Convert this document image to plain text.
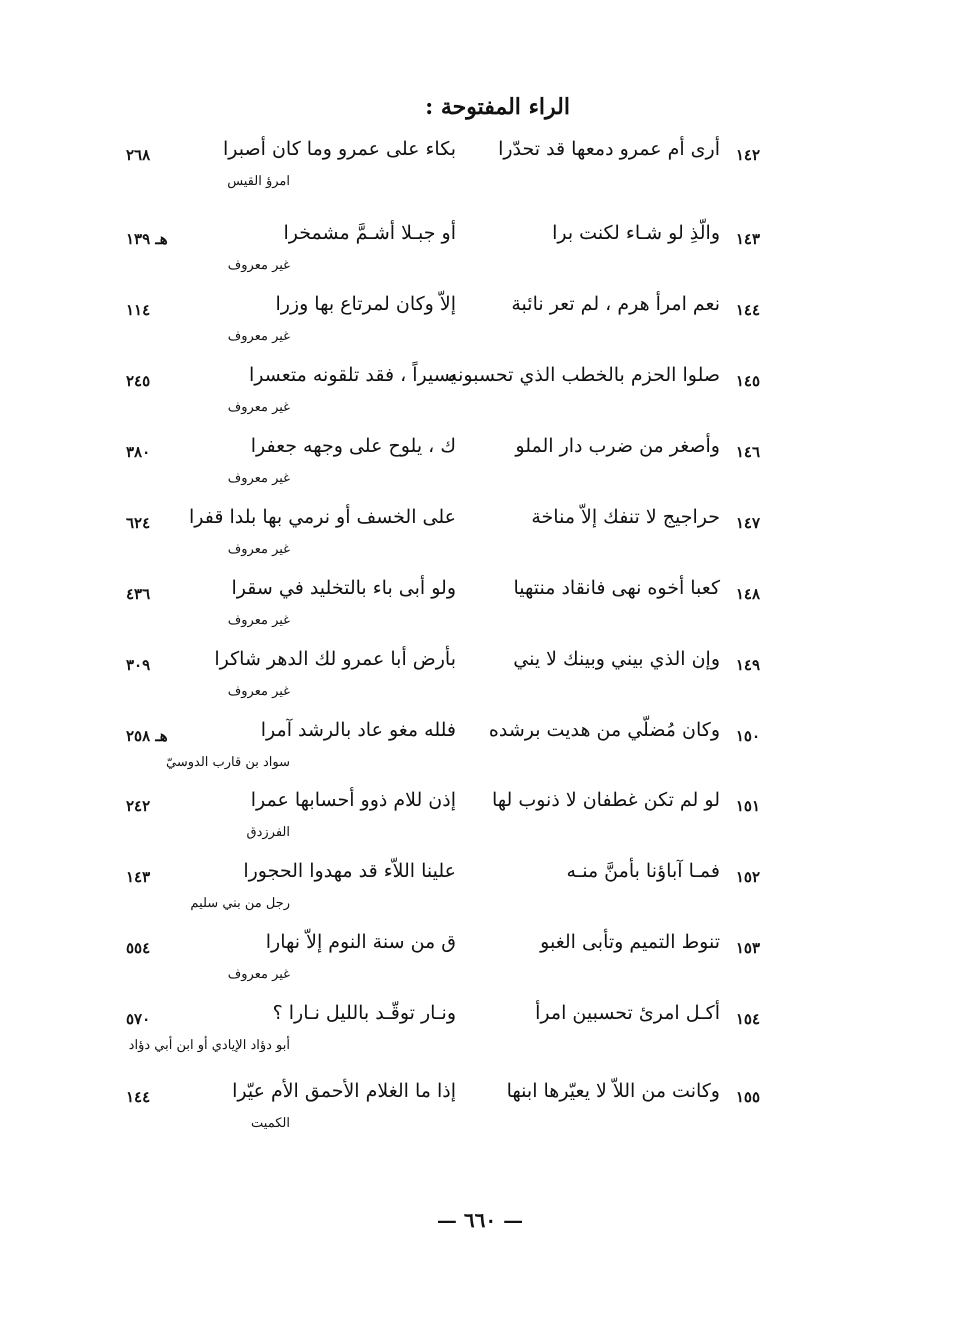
الراء المفتوحة :
١٤٢
أرى أم عمرو دمعها قد تحدّرا
بكاء على عمرو وما كان أصبرا
امرؤ القيس
٢٦٨
١٤٣
والّذِ لو شـاء لكنت برا
أو جبـلا أشـمَّ مشمخرا
غير معروف
هـ ١٣٩
١٤٤
نعم امرأ هرم ، لم تعر نائبة
إلاّ وكان لمرتاع بها وزرا
غير معروف
١١٤
١٤٥
صلوا الحزم بالخطب الذي تحسبونه
يسيراً ، فقد تلقونه متعسرا
غير معروف
٢٤٥
١٤٦
وأصغر من ضرب دار الملو
ك ، يلوح على وجهه جعفرا
غير معروف
٣٨٠
١٤٧
حراجيج لا تنفك إلاّ مناخة
على الخسف أو نرمي بها بلدا قفرا
غير معروف
٦٢٤
١٤٨
كعبا أخوه نهى فانقاد منتهيا
ولو أبى باء بالتخليد في سقرا
غير معروف
٤٣٦
١٤٩
وإن الذي بيني وبينك لا يني
بأرض أبا عمرو لك الدهر شاكرا
غير معروف
٣٠٩
١٥٠
وكان مُضلّي من هديت برشده
فلله مغو عاد بالرشد آمرا
سواد بن قارب الدوسيّ
هـ ٢٥٨
١٥١
لو لم تكن غطفان لا ذنوب لها
إذن للام ذوو أحسابها عمرا
الفرزدق
٢٤٢
١٥٢
فمـا آباؤنا بأمنَّ منـه
علينا اللاّء قد مهدوا الحجورا
رجل من بني سليم
١٤٣
١٥٣
تنوط التميم وتأبى الغبو
ق من سنة النوم إلاّ نهارا
غير معروف
٥٥٤
١٥٤
أكـل امرئ تحسبين امرأ
ونـار توقّـد بالليل نـارا ؟
أبو دؤاد الإيادي أو ابن أبي دؤاد
٥٧٠
١٥٥
وكانت من اللاّ لا يعيّرها ابنها
إذا ما الغلام الأحمق الأم عيّرا
الكميت
١٤٤
— ٦٦٠ —
